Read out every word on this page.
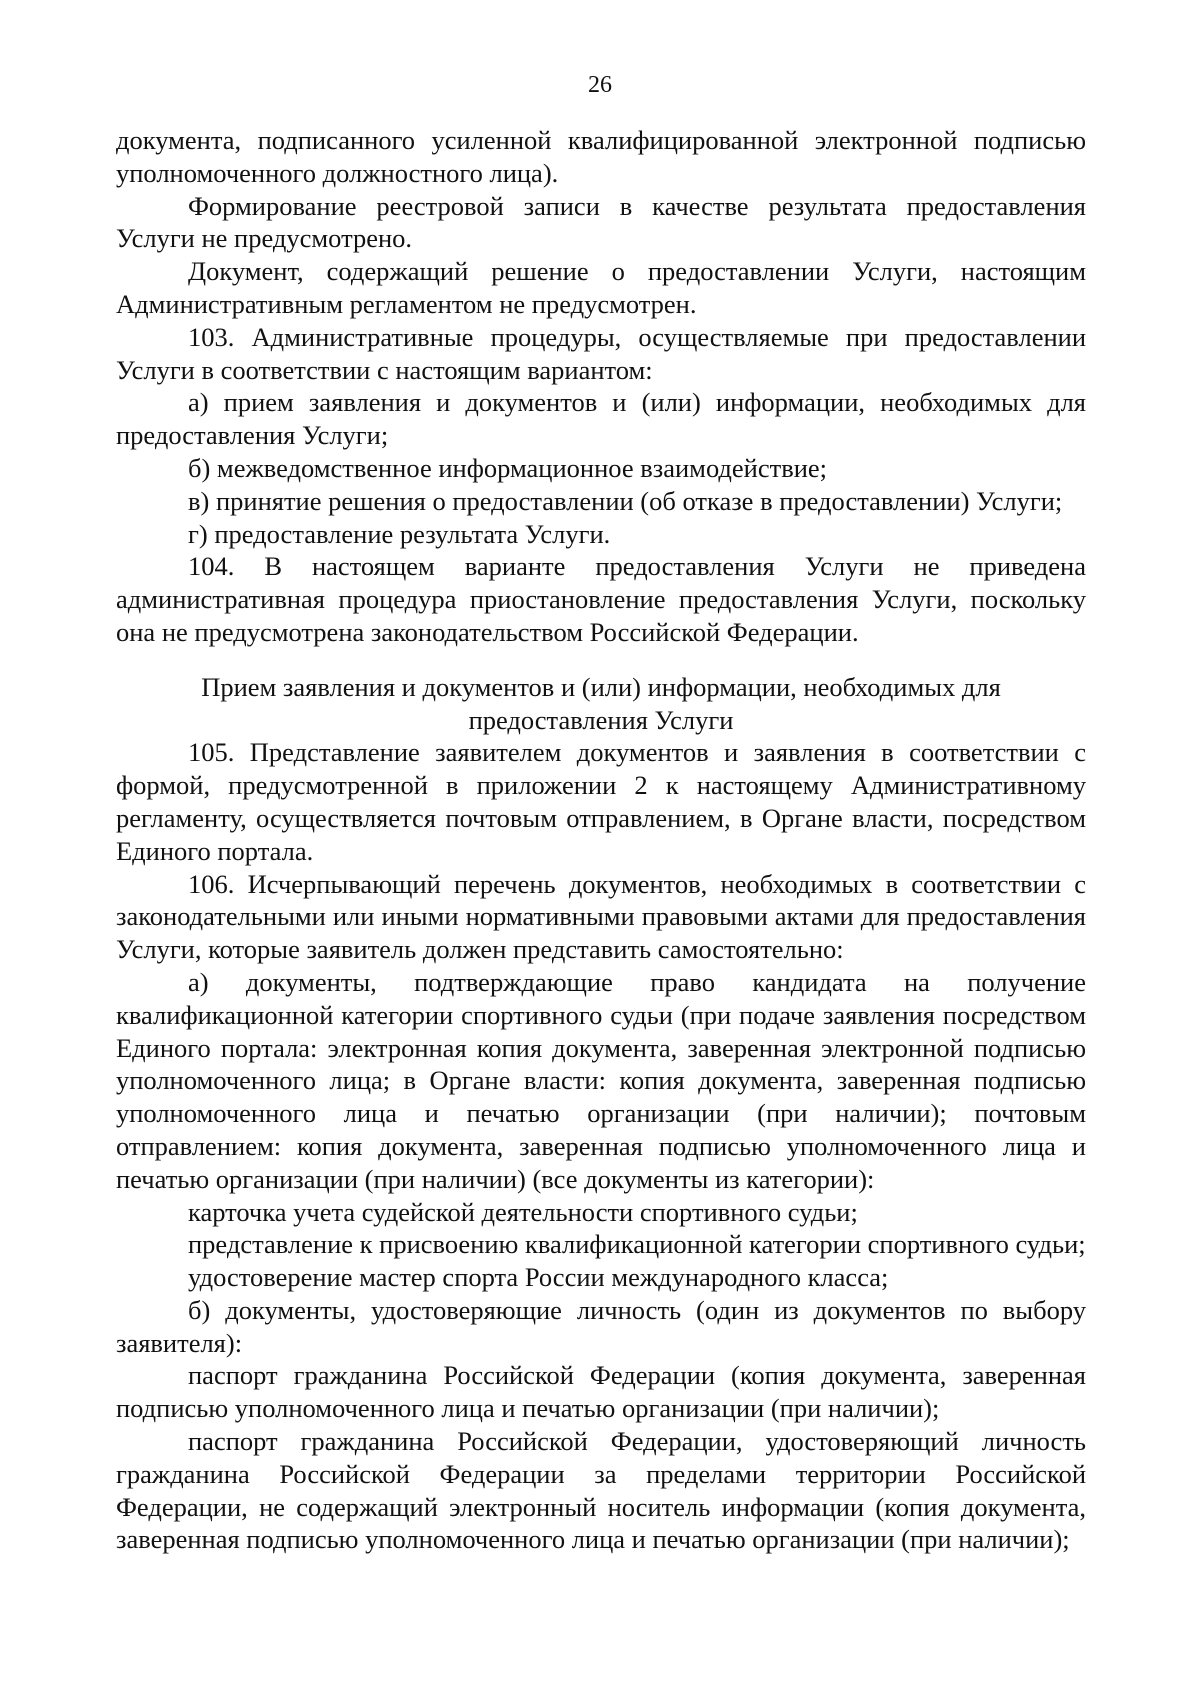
26

документа, подписанного усиленной квалифицированной электронной подписью уполномоченного должностного лица).

Формирование реестровой записи в качестве результата предоставления Услуги не предусмотрено.

Документ, содержащий решение о предоставлении Услуги, настоящим Административным регламентом не предусмотрен.

103. Административные процедуры, осуществляемые при предоставлении Услуги в соответствии с настоящим вариантом:

а) прием заявления и документов и (или) информации, необходимых для предоставления Услуги;

б) межведомственное информационное взаимодействие;

в) принятие решения о предоставлении (об отказе в предоставлении) Услуги;

г) предоставление результата Услуги.

104. В настоящем варианте предоставления Услуги не приведена административная процедура приостановление предоставления Услуги, поскольку она не предусмотрена законодательством Российской Федерации.

Прием заявления и документов и (или) информации, необходимых для предоставления Услуги

105. Представление заявителем документов и заявления в соответствии с формой, предусмотренной в приложении 2 к настоящему Административному регламенту, осуществляется почтовым отправлением, в Органе власти, посредством Единого портала.

106. Исчерпывающий перечень документов, необходимых в соответствии с законодательными или иными нормативными правовыми актами для предоставления Услуги, которые заявитель должен представить самостоятельно:

а) документы, подтверждающие право кандидата на получение квалификационной категории спортивного судьи (при подаче заявления посредством Единого портала: электронная копия документа, заверенная электронной подписью уполномоченного лица; в Органе власти: копия документа, заверенная подписью уполномоченного лица и печатью организации (при наличии); почтовым отправлением: копия документа, заверенная подписью уполномоченного лица и печатью организации (при наличии) (все документы из категории):

карточка учета судейской деятельности спортивного судьи;

представление к присвоению квалификационной категории спортивного судьи;

удостоверение мастер спорта России международного класса;

б) документы, удостоверяющие личность (один из документов по выбору заявителя):

паспорт гражданина Российской Федерации (копия документа, заверенная подписью уполномоченного лица и печатью организации (при наличии);

паспорт гражданина Российской Федерации, удостоверяющий личность гражданина Российской Федерации за пределами территории Российской Федерации, не содержащий электронный носитель информации (копия документа, заверенная подписью уполномоченного лица и печатью организации (при наличии);
